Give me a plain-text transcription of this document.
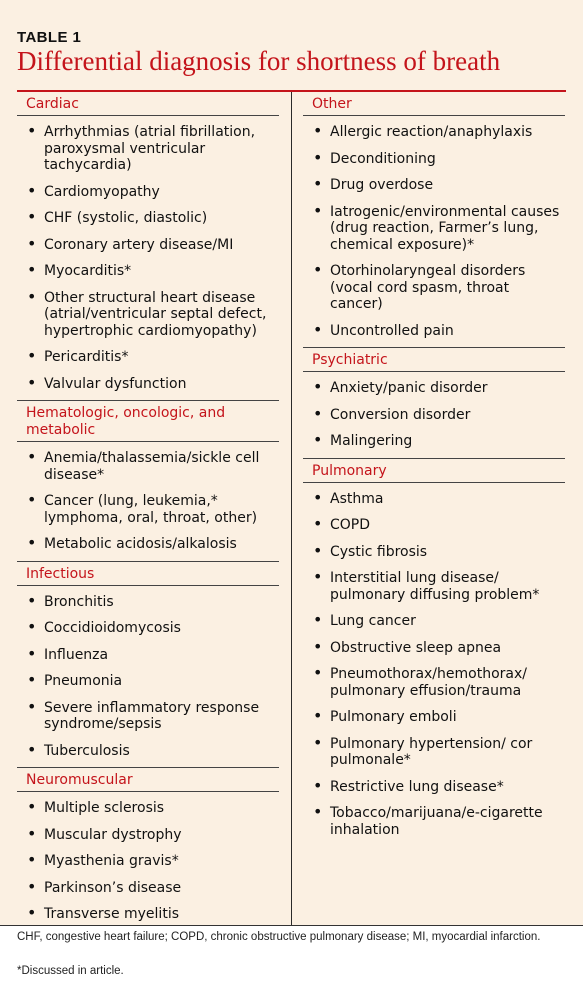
TABLE 1
Differential diagnosis for shortness of breath
Cardiac
• Arrhythmias (atrial fibrillation, paroxysmal ventricular tachycardia)
• Cardiomyopathy
• CHF (systolic, diastolic)
• Coronary artery disease/MI
• Myocarditis*
• Other structural heart disease (atrial/ventricular septal defect, hypertrophic cardiomyopathy)
• Pericarditis*
• Valvular dysfunction
Hematologic, oncologic, and metabolic
• Anemia/thalassemia/sickle cell disease*
• Cancer (lung, leukemia,* lymphoma, oral, throat, other)
• Metabolic acidosis/alkalosis
Infectious
• Bronchitis
• Coccidioidomycosis
• Influenza
• Pneumonia
• Severe inflammatory response syndrome/sepsis
• Tuberculosis
Neuromuscular
• Multiple sclerosis
• Muscular dystrophy
• Myasthenia gravis*
• Parkinson’s disease
• Transverse myelitis
Other
• Allergic reaction/anaphylaxis
• Deconditioning
• Drug overdose
• Iatrogenic/environmental causes (drug reaction, Farmer’s lung, chemical exposure)*
• Otorhinolaryngeal disorders (vocal cord spasm, throat cancer)
• Uncontrolled pain
Psychiatric
• Anxiety/panic disorder
• Conversion disorder
• Malingering
Pulmonary
• Asthma
• COPD
• Cystic fibrosis
• Interstitial lung disease/ pulmonary diffusing problem*
• Lung cancer
• Obstructive sleep apnea
• Pneumothorax/hemothorax/ pulmonary effusion/trauma
• Pulmonary emboli
• Pulmonary hypertension/ cor pulmonale*
• Restrictive lung disease*
• Tobacco/marijuana/e-cigarette inhalation
CHF, congestive heart failure; COPD, chronic obstructive pulmonary disease; MI, myocardial infarction.
*Discussed in article.
